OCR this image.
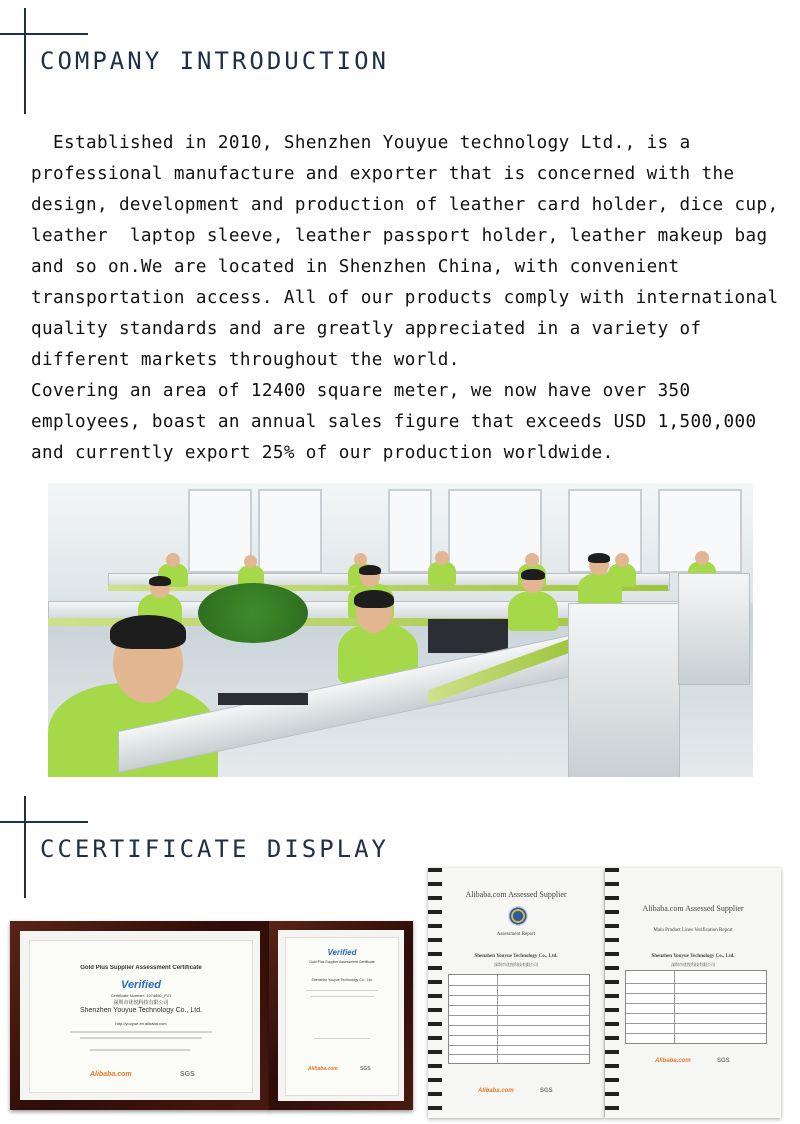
COMPANY INTRODUCTION

Established in 2010, Shenzhen Youyue technology Ltd., is a professional manufacture and exporter that is concerned with the design, development and production of leather card holder, dice cup, leather  laptop sleeve, leather passport holder, leather makeup bag and so on.We are located in Shenzhen China, with convenient transportation access. All of our products comply with international quality standards and are greatly appreciated in a variety of different markets throughout the world.

Covering an area of 12400 square meter, we now have over 350 employees, boast an annual sales figure that exceeds USD 1,500,000 and currently export 25% of our production worldwide.

CCERTIFICATE DISPLAY
Gold Plus Supplier Assessment Certificate
Verified
Certificate Number: 1974850_FV1
深圳市优悦科技有限公司
Shenzhen Youyue Technology Co., Ltd.
http://youyue.en.alibaba.com
Alibaba.com	SGS
Verified
Gold Plus Supplier Assessment Certificate
Shenzhen Youyue Technology Co., Ltd.
Alibaba.com	SGS
Alibaba.com Assessed Supplier
Assessment Report
Shenzhen Youyue Technology Co., Ltd.
深圳市优悦科技有限公司
Alibaba.com	SGS
Alibaba.com Assessed Supplier
Main Product Lines Verification Report
Shenzhen Youyue Technology Co., Ltd.
深圳市优悦科技有限公司
Alibaba.com	SGS
